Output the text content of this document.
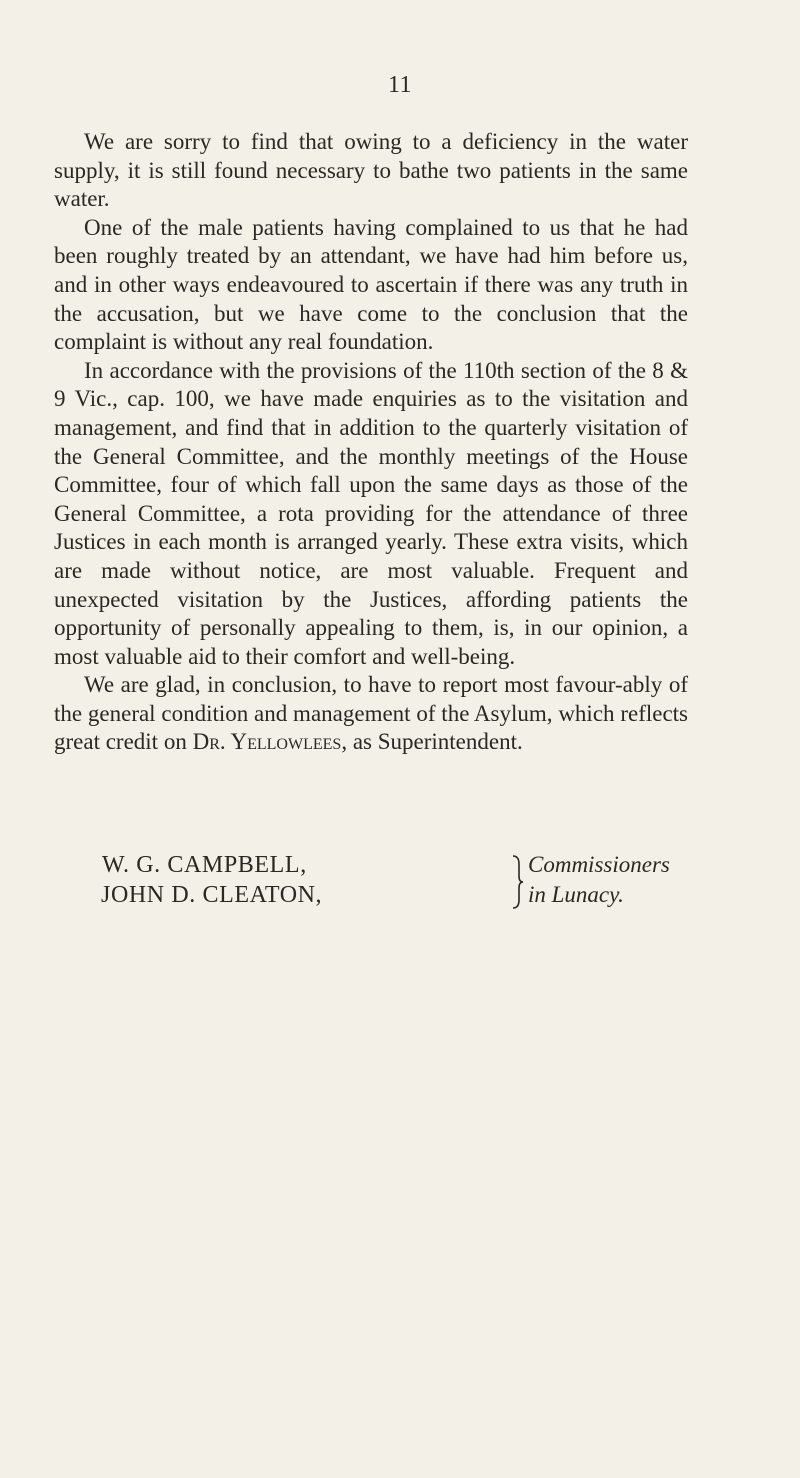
11

We are sorry to find that owing to a deficiency in the water supply, it is still found necessary to bathe two patients in the same water.

One of the male patients having complained to us that he had been roughly treated by an attendant, we have had him before us, and in other ways endeavoured to ascertain if there was any truth in the accusation, but we have come to the conclusion that the complaint is without any real foundation.

In accordance with the provisions of the 110th section of the 8 & 9 Vic., cap. 100, we have made enquiries as to the visitation and management, and find that in addition to the quarterly visitation of the General Committee, and the monthly meetings of the House Committee, four of which fall upon the same days as those of the General Committee, a rota providing for the attendance of three Justices in each month is arranged yearly. These extra visits, which are made without notice, are most valuable. Frequent and unexpected visitation by the Justices, affording patients the opportunity of personally appealing to them, is, in our opinion, a most valuable aid to their comfort and well-being.

We are glad, in conclusion, to have to report most favour-ably of the general condition and management of the Asylum, which reflects great credit on Dr. Yellowlees, as Superintendent.

W. G. CAMPBELL,	Commissioners
JOHN D. CLEATON,	in Lunacy.
